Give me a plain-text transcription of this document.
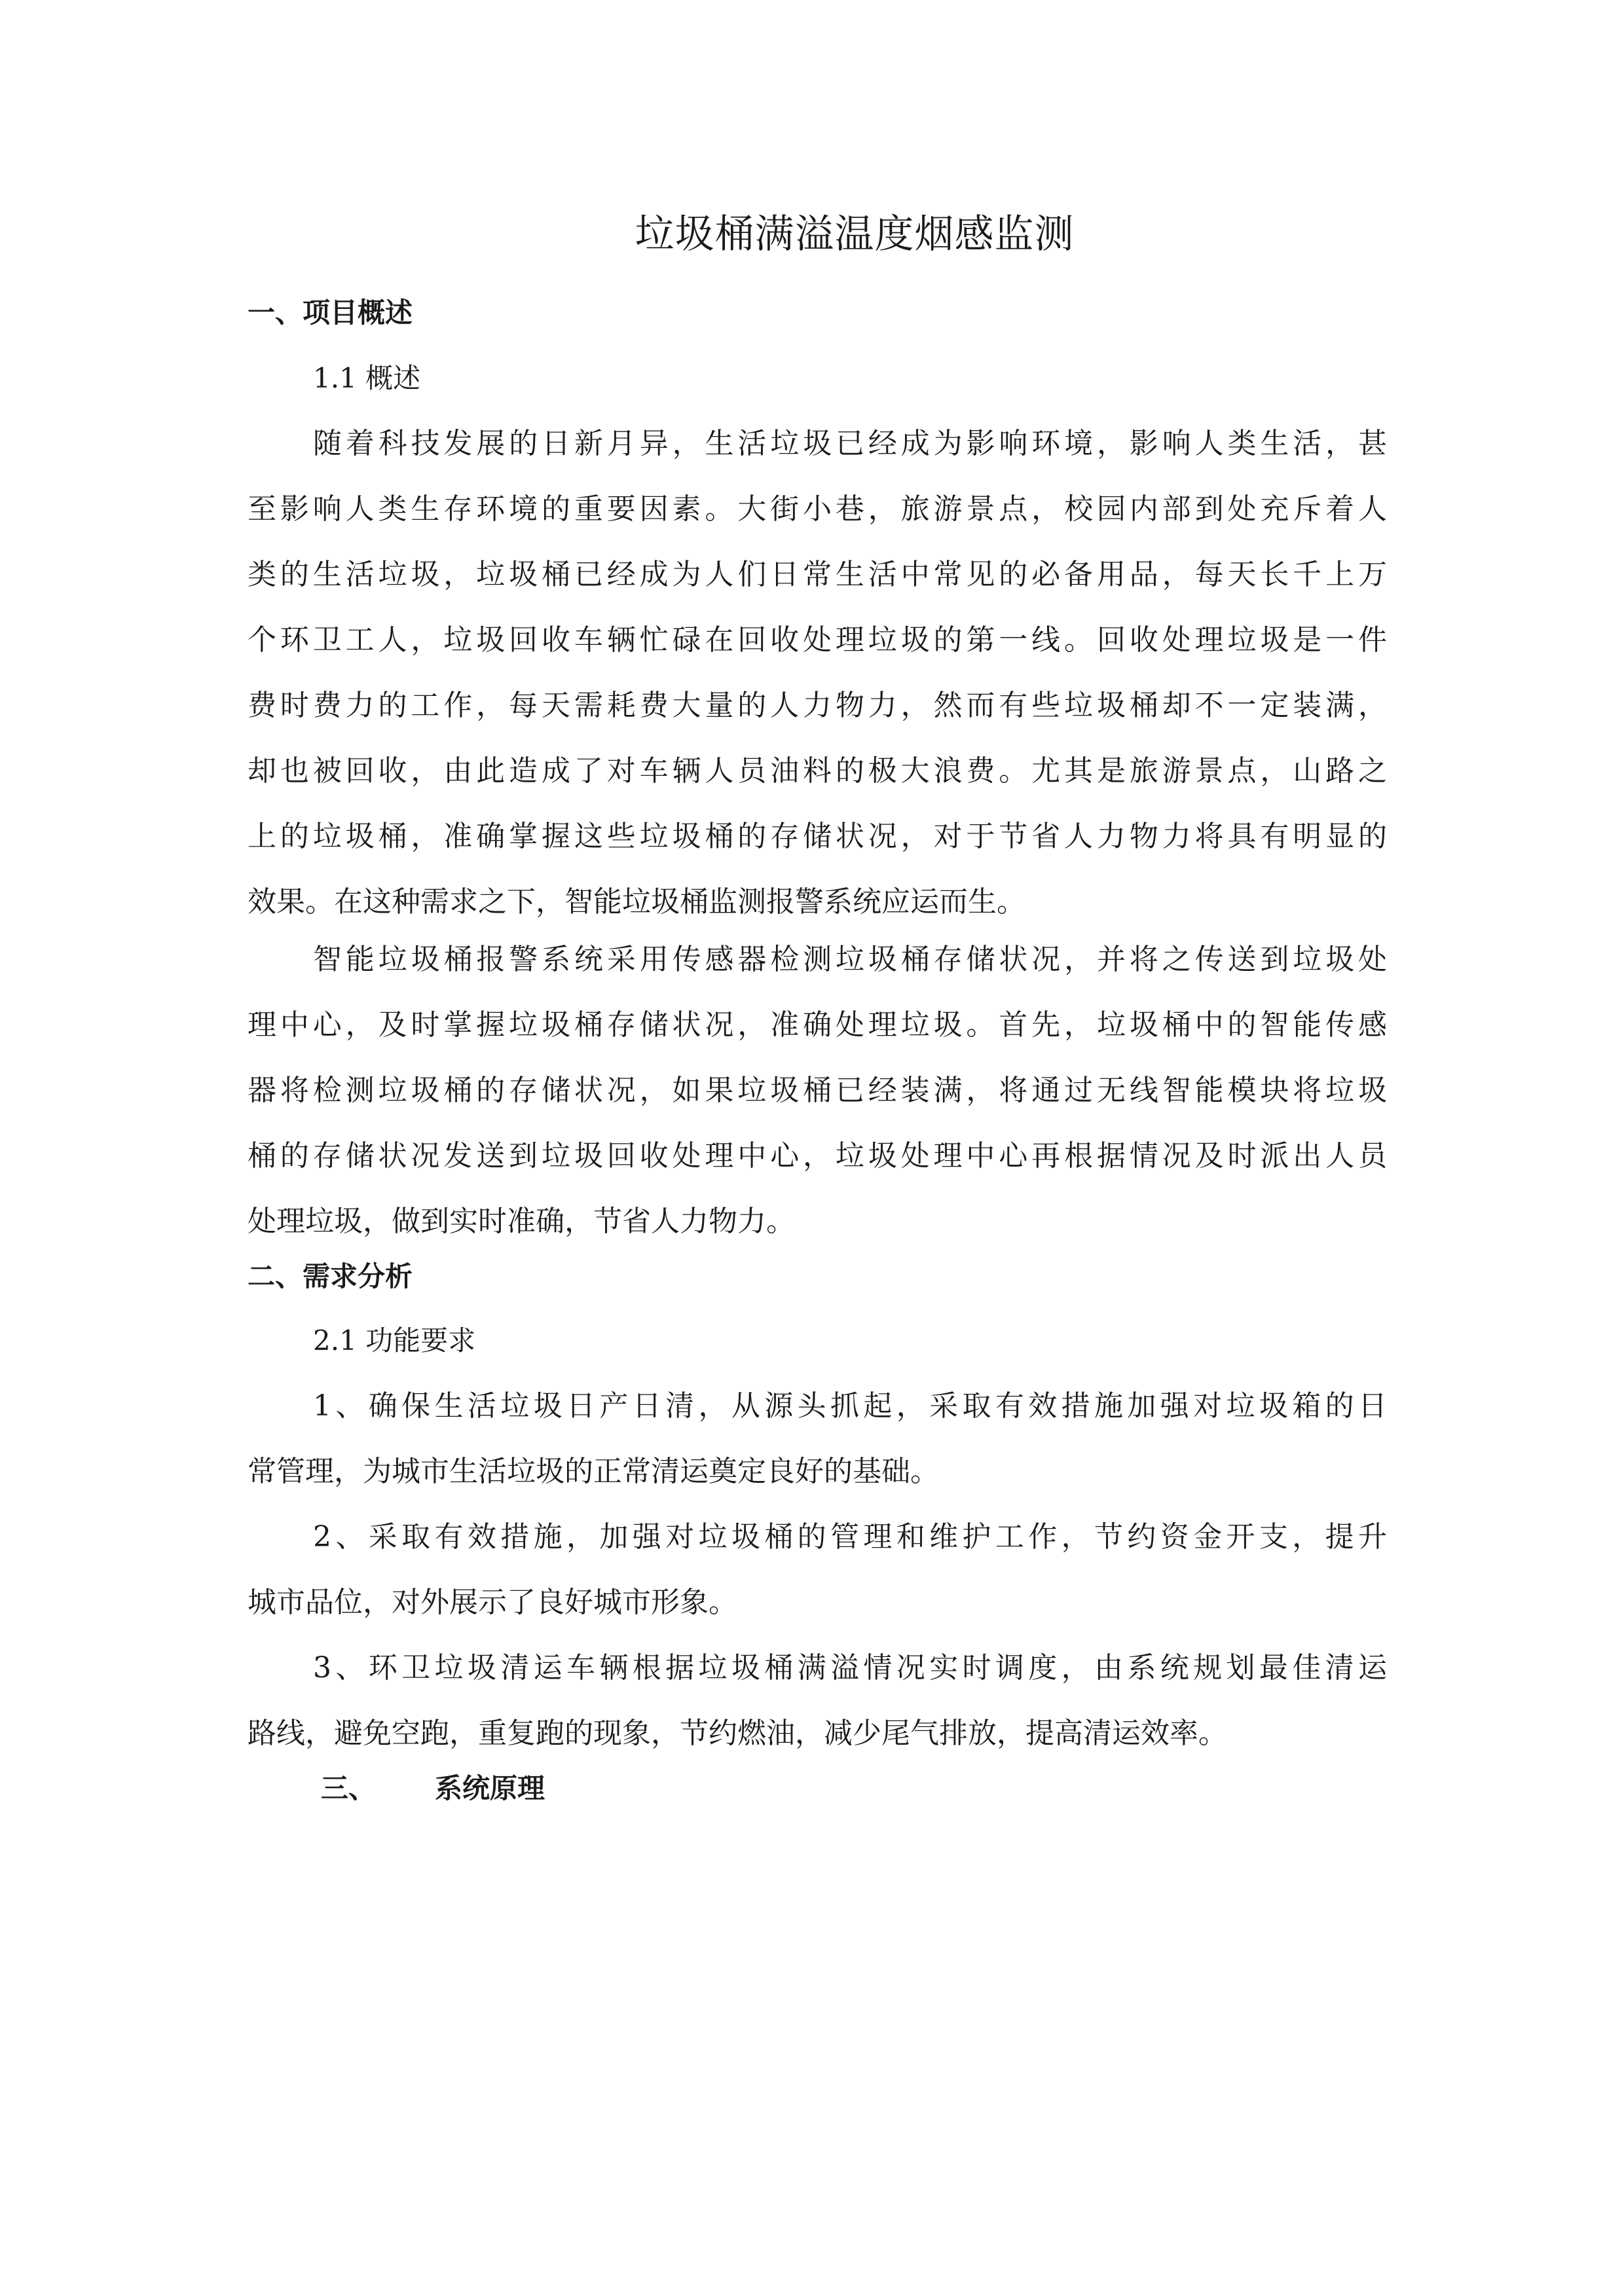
垃圾桶满溢温度烟感监测
一、项目概述
1.1 概述
随着科技发展的日新月异，生活垃圾已经成为影响环境，影响人类生活，甚
至影响人类生存环境的重要因素。大街小巷，旅游景点，校园内部到处充斥着人
类的生活垃圾，垃圾桶已经成为人们日常生活中常见的必备用品，每天长千上万
个环卫工人，垃圾回收车辆忙碌在回收处理垃圾的第一线。回收处理垃圾是一件
费时费力的工作，每天需耗费大量的人力物力，然而有些垃圾桶却不一定装满，
却也被回收，由此造成了对车辆人员油料的极大浪费。尤其是旅游景点，山路之
上的垃圾桶，准确掌握这些垃圾桶的存储状况，对于节省人力物力将具有明显的
效果。在这种需求之下，智能垃圾桶监测报警系统应运而生。
智能垃圾桶报警系统采用传感器检测垃圾桶存储状况，并将之传送到垃圾处
理中心，及时掌握垃圾桶存储状况，准确处理垃圾。首先，垃圾桶中的智能传感
器将检测垃圾桶的存储状况，如果垃圾桶已经装满，将通过无线智能模块将垃圾
桶的存储状况发送到垃圾回收处理中心，垃圾处理中心再根据情况及时派出人员
处理垃圾，做到实时准确，节省人力物力。
二、需求分析
2.1 功能要求
1、确保生活垃圾日产日清，从源头抓起，采取有效措施加强对垃圾箱的日
常管理，为城市生活垃圾的正常清运奠定良好的基础。
2、采取有效措施，加强对垃圾桶的管理和维护工作，节约资金开支，提升
城市品位，对外展示了良好城市形象。
3、环卫垃圾清运车辆根据垃圾桶满溢情况实时调度，由系统规划最佳清运
路线，避免空跑，重复跑的现象，节约燃油，减少尾气排放，提高清运效率。
三、 系统原理
